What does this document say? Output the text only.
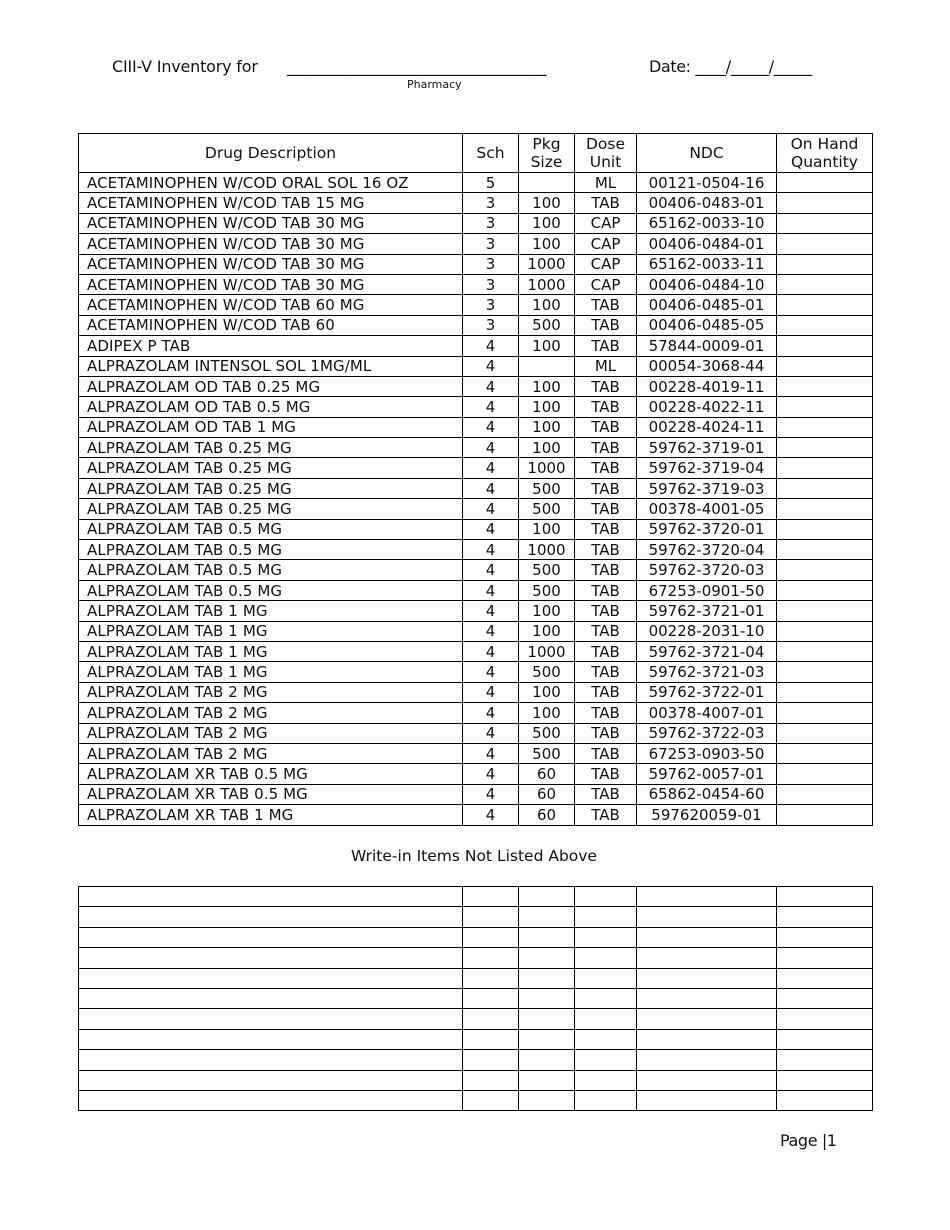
CIII-V Inventory for ___________________________________
Pharmacy
Date: ____/_____/_____
Drug Description	Sch	Pkg Size	Dose Unit	NDC	On Hand Quantity
ACETAMINOPHEN W/COD ORAL SOL 16 OZ	5		ML	00121-0504-16	
ACETAMINOPHEN W/COD TAB 15 MG	3	100	TAB	00406-0483-01	
ACETAMINOPHEN W/COD TAB 30 MG	3	100	CAP	65162-0033-10	
ACETAMINOPHEN W/COD TAB 30 MG	3	100	CAP	00406-0484-01	
ACETAMINOPHEN W/COD TAB 30 MG	3	1000	CAP	65162-0033-11	
ACETAMINOPHEN W/COD TAB 30 MG	3	1000	CAP	00406-0484-10	
ACETAMINOPHEN W/COD TAB 60 MG	3	100	TAB	00406-0485-01	
ACETAMINOPHEN W/COD TAB 60	3	500	TAB	00406-0485-05	
ADIPEX P TAB	4	100	TAB	57844-0009-01	
ALPRAZOLAM INTENSOL SOL 1MG/ML	4		ML	00054-3068-44	
ALPRAZOLAM OD TAB 0.25 MG	4	100	TAB	00228-4019-11	
ALPRAZOLAM OD TAB 0.5 MG	4	100	TAB	00228-4022-11	
ALPRAZOLAM OD TAB 1 MG	4	100	TAB	00228-4024-11	
ALPRAZOLAM TAB 0.25 MG	4	100	TAB	59762-3719-01	
ALPRAZOLAM TAB 0.25 MG	4	1000	TAB	59762-3719-04	
ALPRAZOLAM TAB 0.25 MG	4	500	TAB	59762-3719-03	
ALPRAZOLAM TAB 0.25 MG	4	500	TAB	00378-4001-05	
ALPRAZOLAM TAB 0.5 MG	4	100	TAB	59762-3720-01	
ALPRAZOLAM TAB 0.5 MG	4	1000	TAB	59762-3720-04	
ALPRAZOLAM TAB 0.5 MG	4	500	TAB	59762-3720-03	
ALPRAZOLAM TAB 0.5 MG	4	500	TAB	67253-0901-50	
ALPRAZOLAM TAB 1 MG	4	100	TAB	59762-3721-01	
ALPRAZOLAM TAB 1 MG	4	100	TAB	00228-2031-10	
ALPRAZOLAM TAB 1 MG	4	1000	TAB	59762-3721-04	
ALPRAZOLAM TAB 1 MG	4	500	TAB	59762-3721-03	
ALPRAZOLAM TAB 2 MG	4	100	TAB	59762-3722-01	
ALPRAZOLAM TAB 2 MG	4	100	TAB	00378-4007-01	
ALPRAZOLAM TAB 2 MG	4	500	TAB	59762-3722-03	
ALPRAZOLAM TAB 2 MG	4	500	TAB	67253-0903-50	
ALPRAZOLAM XR TAB 0.5 MG	4	60	TAB	59762-0057-01	
ALPRAZOLAM XR TAB 0.5 MG	4	60	TAB	65862-0454-60	
ALPRAZOLAM XR TAB 1 MG	4	60	TAB	597620059-01	
Write-in Items Not Listed Above

Page |1
